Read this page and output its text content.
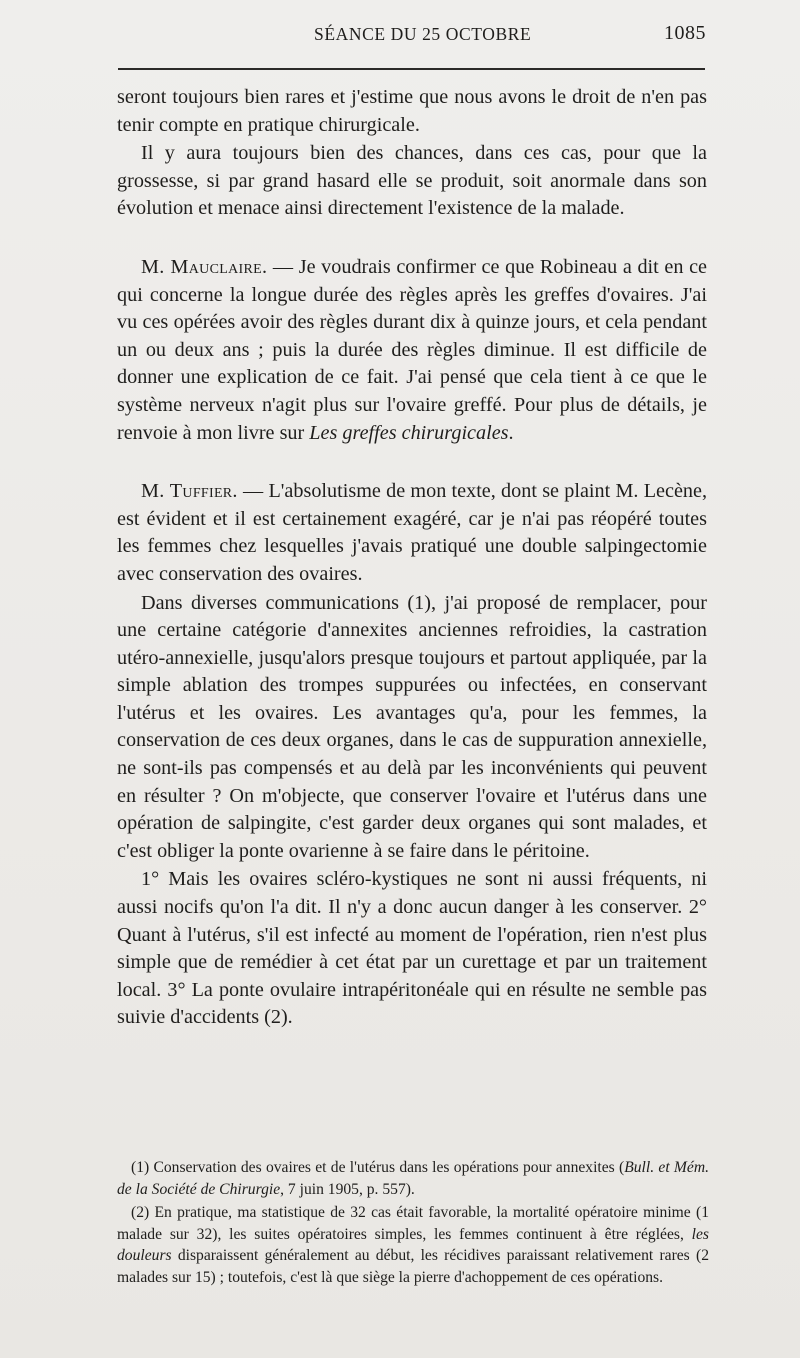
SÉANCE DU 25 OCTOBRE	1085

seront toujours bien rares et j'estime que nous avons le droit de n'en pas tenir compte en pratique chirurgicale.

Il y aura toujours bien des chances, dans ces cas, pour que la grossesse, si par grand hasard elle se produit, soit anormale dans son évolution et menace ainsi directement l'existence de la malade.

M. Mauclaire. — Je voudrais confirmer ce que Robineau a dit en ce qui concerne la longue durée des règles après les greffes d'ovaires. J'ai vu ces opérées avoir des règles durant dix à quinze jours, et cela pendant un ou deux ans ; puis la durée des règles diminue. Il est difficile de donner une explication de ce fait. J'ai pensé que cela tient à ce que le système nerveux n'agit plus sur l'ovaire greffé. Pour plus de détails, je renvoie à mon livre sur Les greffes chirurgicales.

M. Tuffier. — L'absolutisme de mon texte, dont se plaint M. Lecène, est évident et il est certainement exagéré, car je n'ai pas réopéré toutes les femmes chez lesquelles j'avais pratiqué une double salpingectomie avec conservation des ovaires.

Dans diverses communications (1), j'ai proposé de remplacer, pour une certaine catégorie d'annexites anciennes refroidies, la castration utéro-annexielle, jusqu'alors presque toujours et partout appliquée, par la simple ablation des trompes suppurées ou infectées, en conservant l'utérus et les ovaires. Les avantages qu'a, pour les femmes, la conservation de ces deux organes, dans le cas de suppuration annexielle, ne sont-ils pas compensés et au delà par les inconvénients qui peuvent en résulter ? On m'objecte, que conserver l'ovaire et l'utérus dans une opération de salpingite, c'est garder deux organes qui sont malades, et c'est obliger la ponte ovarienne à se faire dans le péritoine.

1° Mais les ovaires scléro-kystiques ne sont ni aussi fréquents, ni aussi nocifs qu'on l'a dit. Il n'y a donc aucun danger à les conserver. 2° Quant à l'utérus, s'il est infecté au moment de l'opération, rien n'est plus simple que de remédier à cet état par un curettage et par un traitement local. 3° La ponte ovulaire intrapéritonéale qui en résulte ne semble pas suivie d'accidents (2).

(1) Conservation des ovaires et de l'utérus dans les opérations pour annexites (Bull. et Mém. de la Société de Chirurgie, 7 juin 1905, p. 557).

(2) En pratique, ma statistique de 32 cas était favorable, la mortalité opératoire minime (1 malade sur 32), les suites opératoires simples, les femmes continuent à être réglées, les douleurs disparaissent généralement au début, les récidives paraissant relativement rares (2 malades sur 15) ; toutefois, c'est là que siège la pierre d'achoppement de ces opérations.
